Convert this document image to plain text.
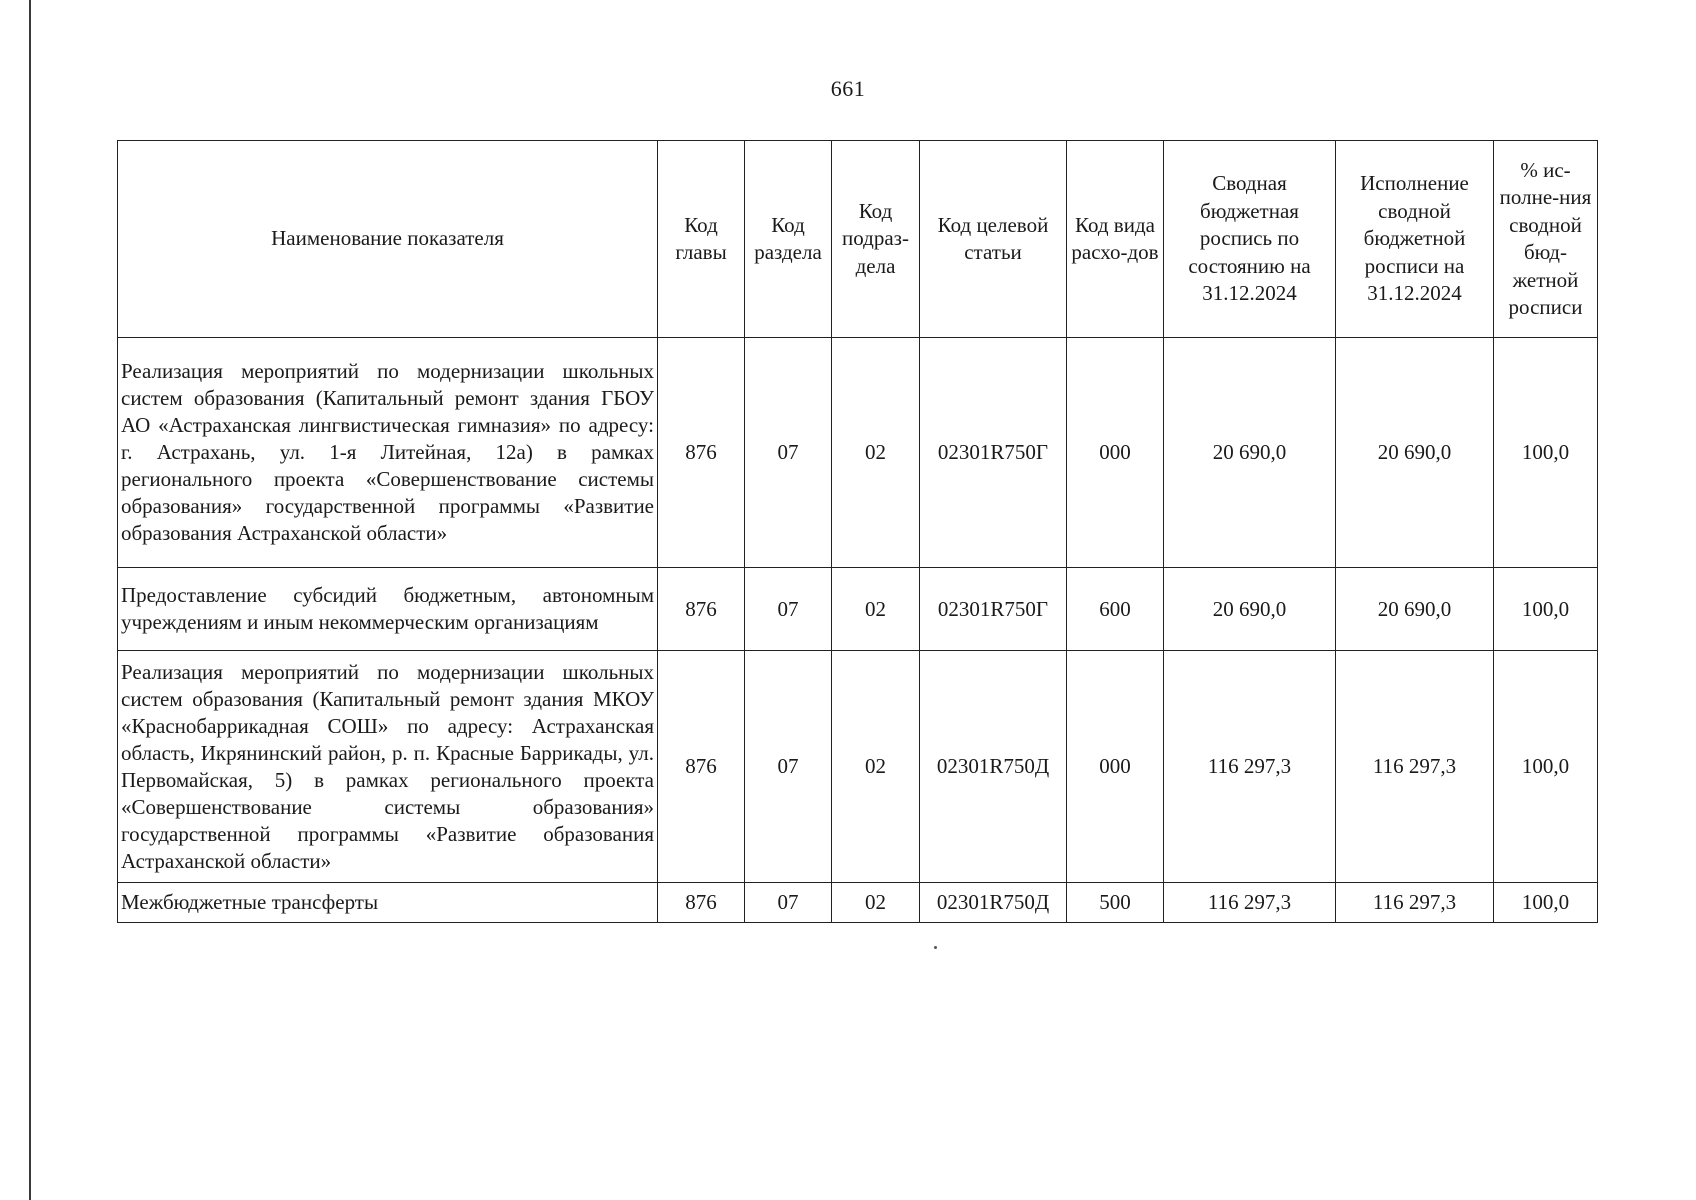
661
Наименование показателя	Код главы	Код раздела	Код подраз-дела	Код целевой статьи	Код вида расхо-дов	Сводная бюджетная роспись по состоянию на 31.12.2024	Исполнение сводной бюджетной росписи на 31.12.2024	% ис-полне-ния сводной бюд-жетной росписи
Реализация мероприятий по модернизации школьных систем образования (Капитальный ремонт здания ГБОУ АО «Астраханская лингвистическая гимназия» по адресу: г. Астрахань, ул. 1-я Литейная, 12а) в рамках регионального проекта «Совершенствование системы образования» государственной программы «Развитие образования Астраханской области»	876	07	02	02301R750Г	000	20 690,0	20 690,0	100,0
Предоставление субсидий бюджетным, автономным учреждениям и иным некоммерческим организациям	876	07	02	02301R750Г	600	20 690,0	20 690,0	100,0
Реализация мероприятий по модернизации школьных систем образования (Капитальный ремонт здания МКОУ «Краснобаррикадная СОШ» по адресу: Астраханская область, Икрянинский район, р. п. Красные Баррикады, ул. Первомайская, 5) в рамках регионального проекта «Совершенствование системы образования» государственной программы «Развитие образования Астраханской области»	876	07	02	02301R750Д	000	116 297,3	116 297,3	100,0
Межбюджетные трансферты	876	07	02	02301R750Д	500	116 297,3	116 297,3	100,0
